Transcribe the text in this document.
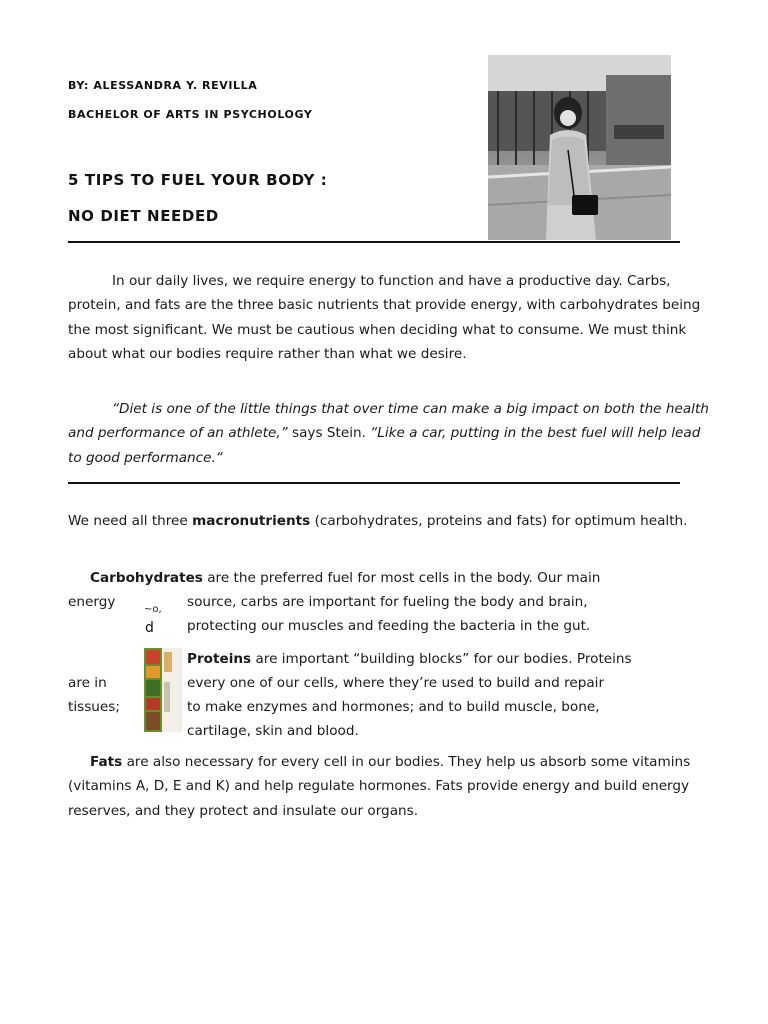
BY: ALESSANDRA Y. REVILLA
BACHELOR OF ARTS IN PSYCHOLOGY
5 TIPS TO FUEL YOUR BODY :
NO DIET NEEDED
In our daily lives, we require energy to function and have a productive day. Carbs, protein, and fats are the three basic nutrients that provide energy, with carbohydrates being the most significant. We must be cautious when deciding what to consume. We must think about what our bodies require rather than what we desire.
“Diet is one of the little things that over time can make a big impact on both the health and performance of an athlete,” says Stein. “Like a car, putting in the best fuel will help lead to good performance.“
We need all three macronutrients (carbohydrates, proteins and fats) for optimum health.
Carbohydrates are the preferred fuel for most cells in the body. Our main
energy	source, carbs are important for fueling the body and brain,
protecting our muscles and feeding the bacteria in the gut.
Proteins are important “building blocks” for our bodies. Proteins
are in	every one of our cells, where they’re used to build and repair
tissues;	to make enzymes and hormones; and to build muscle, bone,
cartilage, skin and blood.
~o,
d
Fats are also necessary for every cell in our bodies. They help us absorb some vitamins (vitamins A, D, E and K) and help regulate hormones. Fats provide energy and build energy reserves, and they protect and insulate our organs.
